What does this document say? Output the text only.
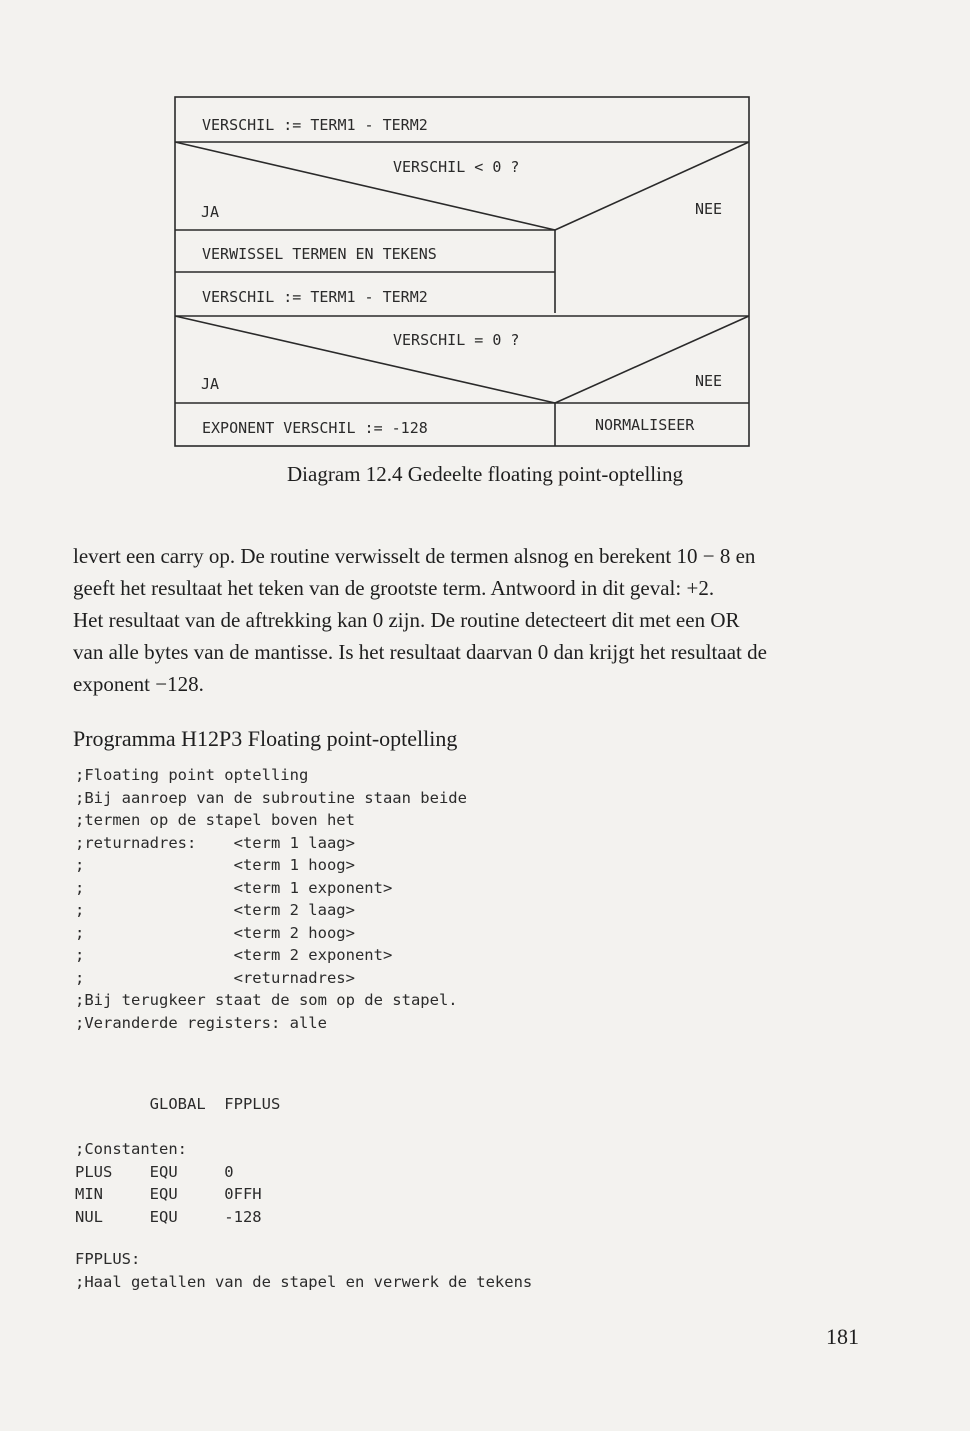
VERSCHIL := TERM1 - TERM2
VERSCHIL < 0 ?
JA	NEE
VERWISSEL TERMEN EN TEKENS
VERSCHIL := TERM1 - TERM2
VERSCHIL = 0 ?
JA	NEE
EXPONENT VERSCHIL := -128	NORMALISEER
Diagram 12.4 Gedeelte floating point-optelling
levert een carry op. De routine verwisselt de termen alsnog en berekent 10 − 8 en
geeft het resultaat het teken van de grootste term. Antwoord in dit geval: +2.
Het resultaat van de aftrekking kan 0 zijn. De routine detecteert dit met een OR
van alle bytes van de mantisse. Is het resultaat daarvan 0 dan krijgt het resultaat de
exponent −128.
Programma H12P3 Floating point-optelling
;Floating point optelling
;Bij aanroep van de subroutine staan beide
;termen op de stapel boven het
;returnadres:    <term 1 laag>
;                <term 1 hoog>
;                <term 1 exponent>
;                <term 2 laag>
;                <term 2 hoog>
;                <term 2 exponent>
;                <returnadres>
;Bij terugkeer staat de som op de stapel.
;Veranderde registers: alle
GLOBAL  FPPLUS
;Constanten:
PLUS    EQU     0
MIN     EQU     0FFH
NUL     EQU     -128
FPPLUS:
;Haal getallen van de stapel en verwerk de tekens
181
